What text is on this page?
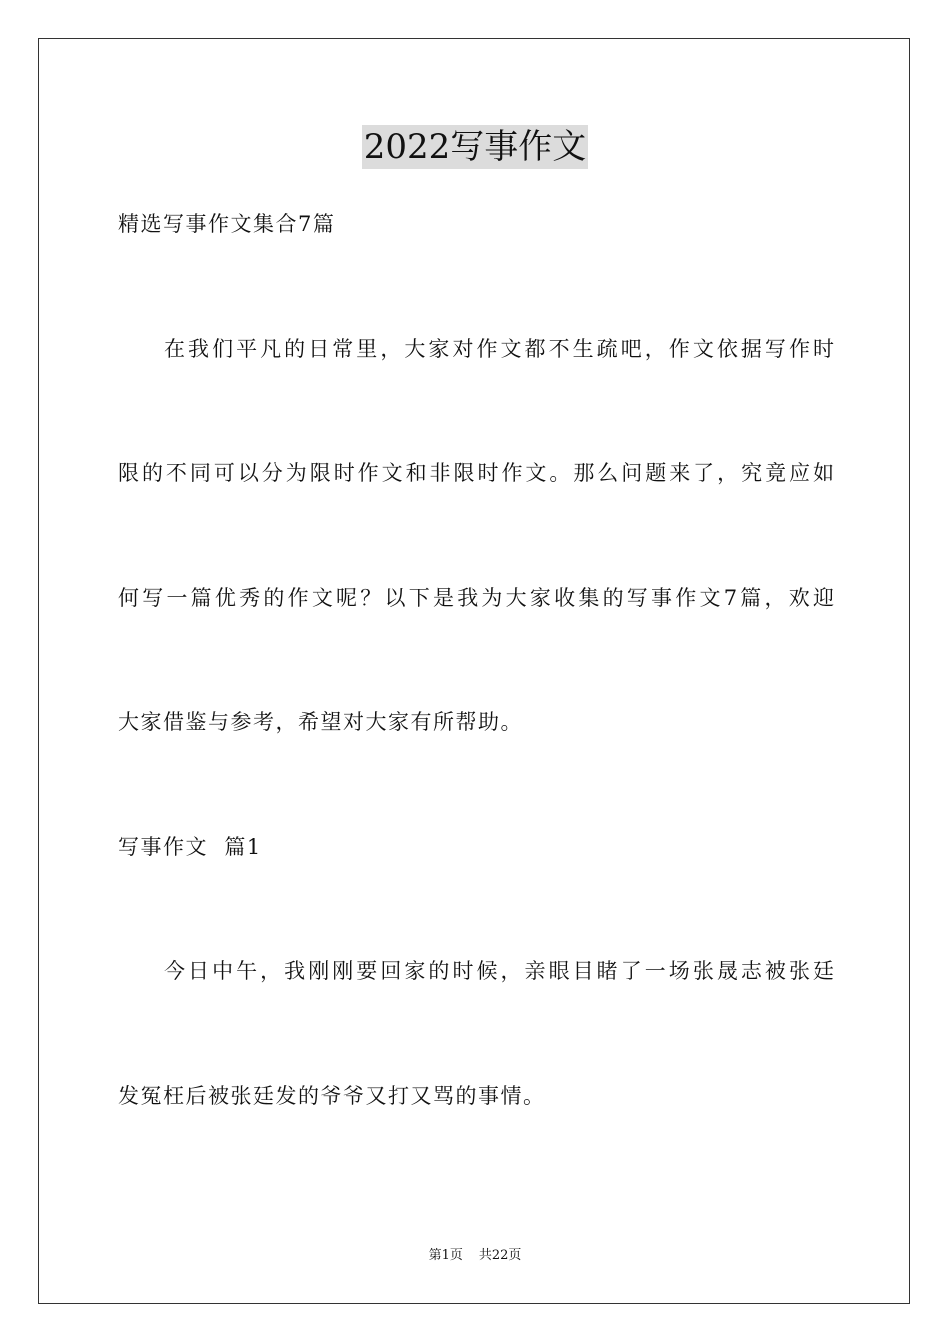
2022写事作文
精选写事作文集合7篇
在我们平凡的日常里，大家对作文都不生疏吧，作文依据写作时
限的不同可以分为限时作文和非限时作文。那么问题来了，究竟应如
何写一篇优秀的作文呢？以下是我为大家收集的写事作文7篇，欢迎
大家借鉴与参考，希望对大家有所帮助。
写事作文  篇1
今日中午，我刚刚要回家的时候，亲眼目睹了一场张晟志被张廷
发冤枉后被张廷发的爷爷又打又骂的事情。
第1页 共22页
